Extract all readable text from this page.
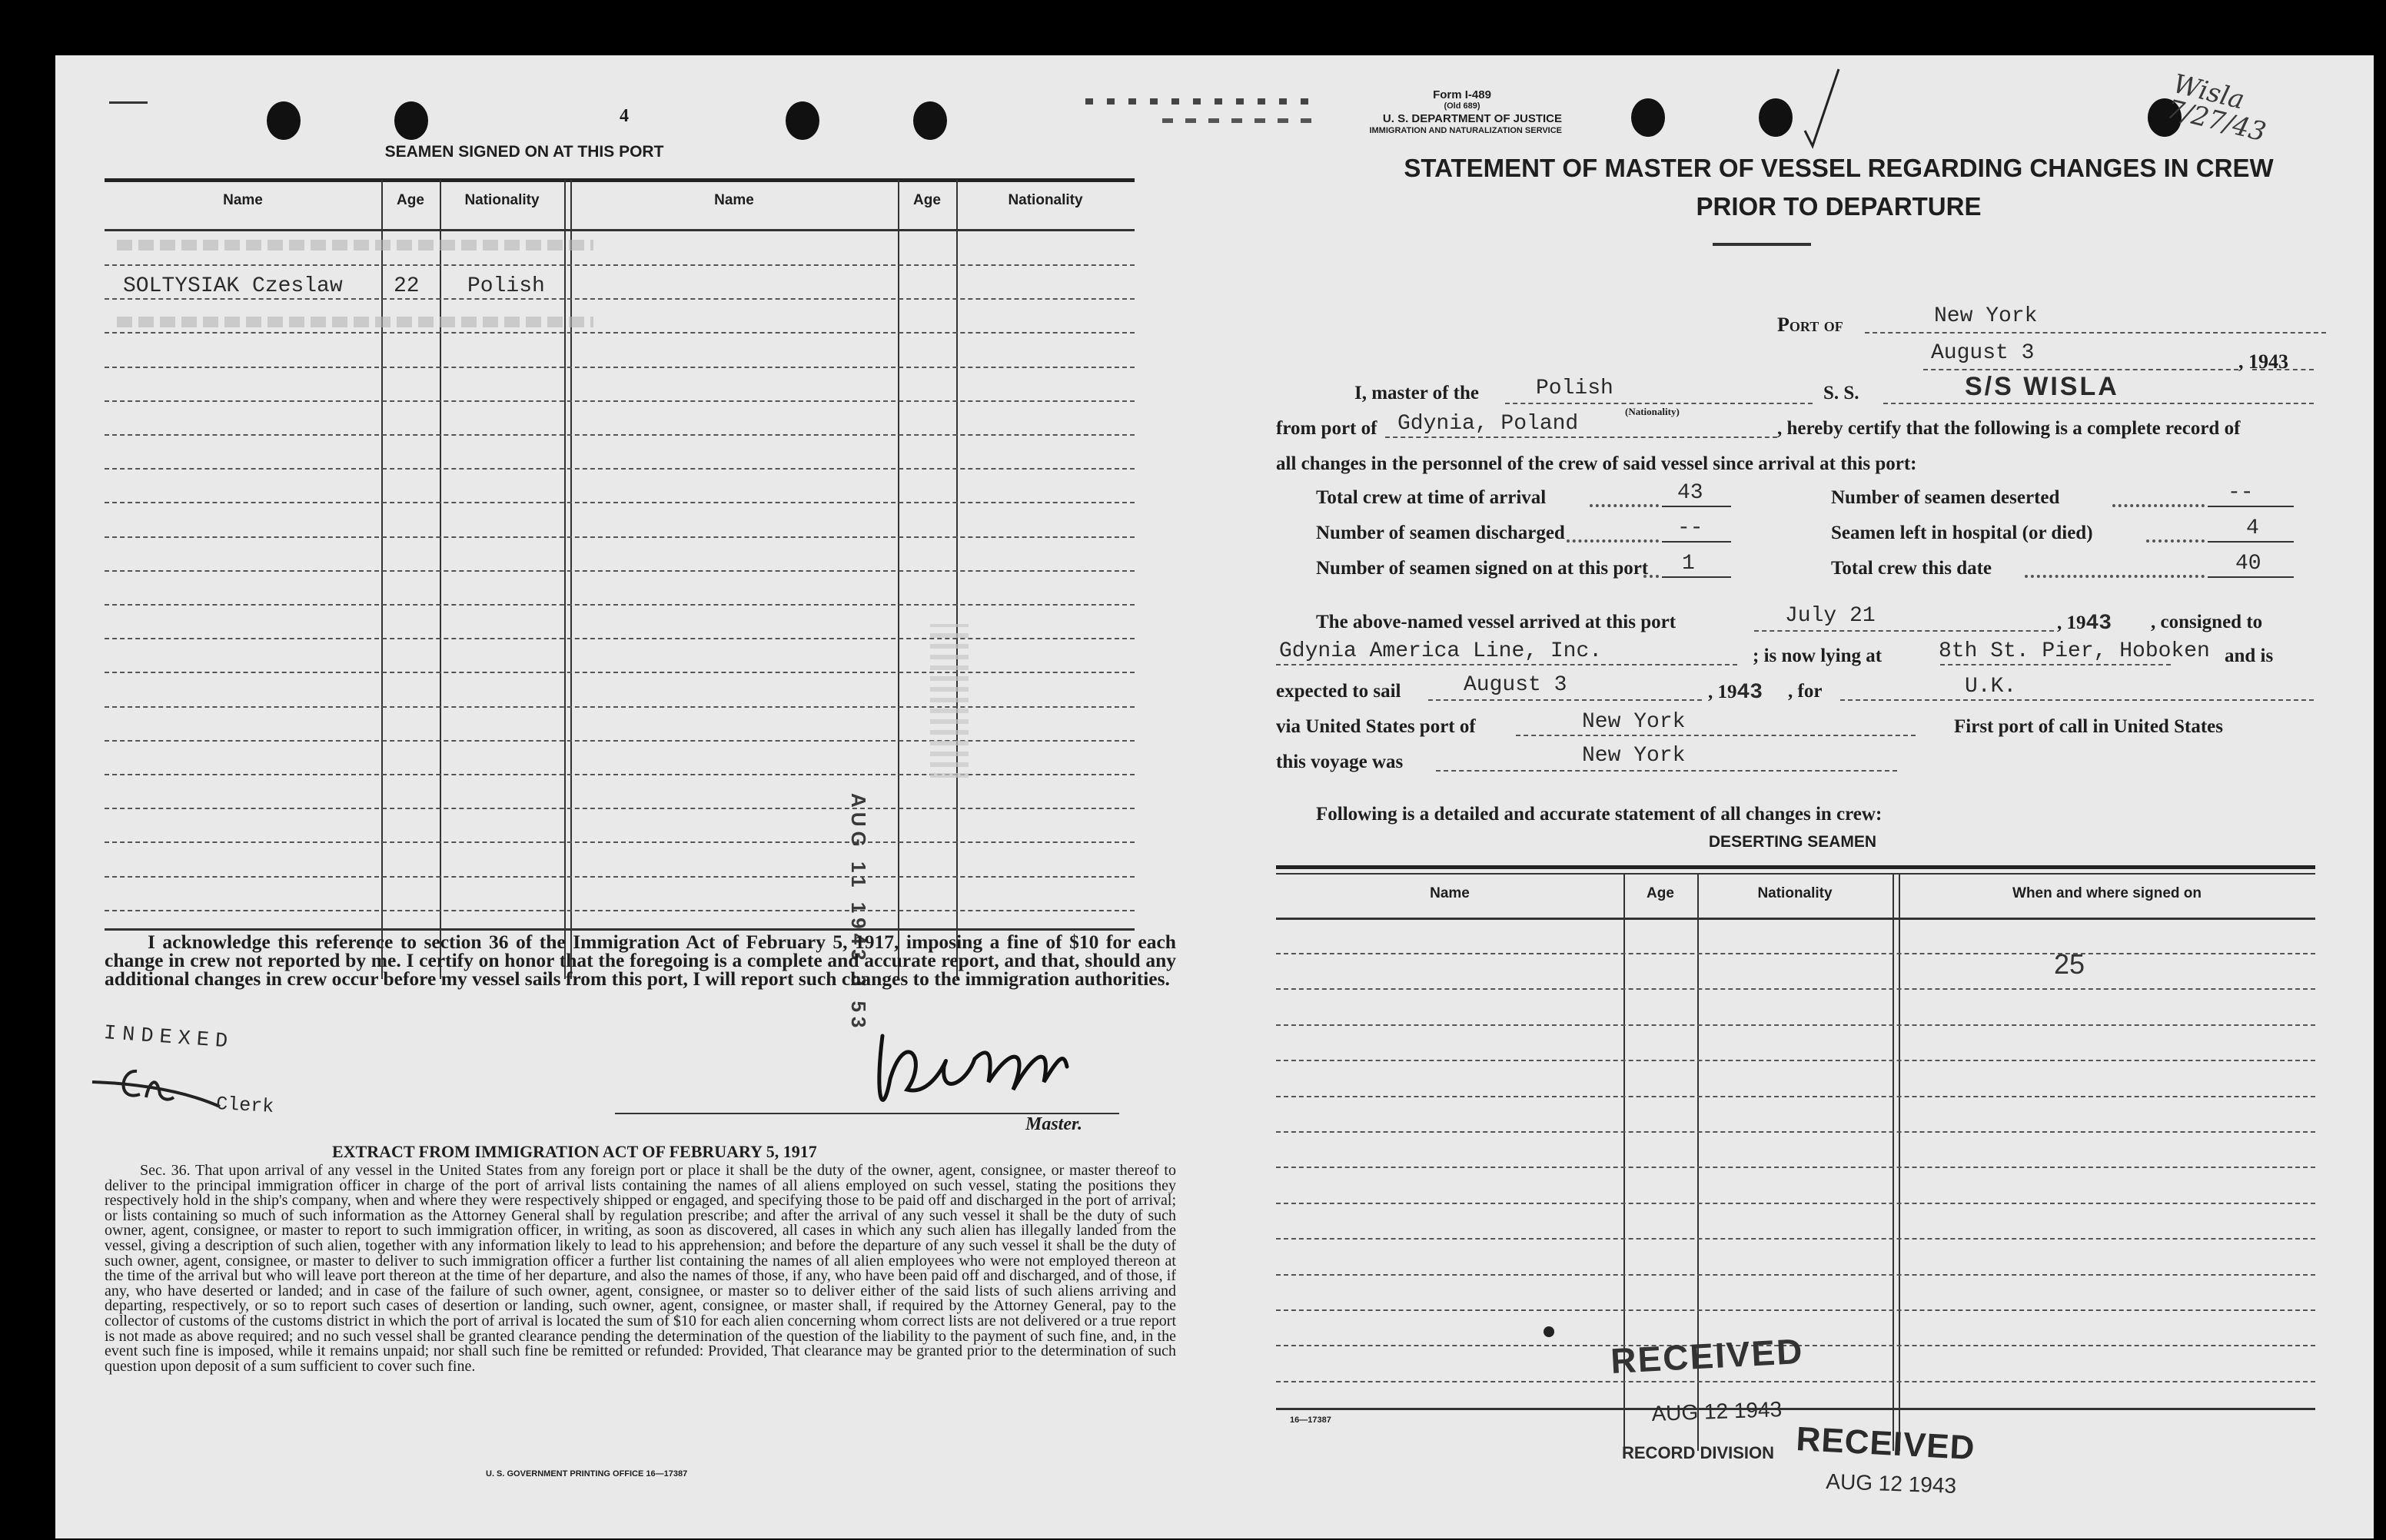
4
SEAMEN SIGNED ON AT THIS PORT
Name	Age	Nationality	Name	Age	Nationality
SOLTYSIAK Czeslaw 22 Polish
AUG 11 1943 3 53
I acknowledge this reference to section 36 of the Immigration Act of February 5, 1917, imposing a fine of $10 for each change in crew not reported by me. I certify on honor that the foregoing is a complete and accurate report, and that, should any additional changes in crew occur before my vessel sails from this port, I will report such changes to the immigration authorities.
INDEXED
Clerk
Master.
EXTRACT FROM IMMIGRATION ACT OF FEBRUARY 5, 1917
Sec. 36. That upon arrival of any vessel in the United States from any foreign port or place it shall be the duty of the owner, agent, consignee, or master thereof to deliver to the principal immigration officer in charge of the port of arrival lists containing the names of all aliens employed on such vessel, stating the positions they respectively hold in the ship's company, when and where they were respectively shipped or engaged, and specifying those to be paid off and discharged in the port of arrival; or lists containing so much of such information as the Attorney General shall by regulation prescribe; and after the arrival of any such vessel it shall be the duty of such owner, agent, consignee, or master to report to such immigration officer, in writing, as soon as discovered, all cases in which any such alien has illegally landed from the vessel, giving a description of such alien, together with any information likely to lead to his apprehension; and before the departure of any such vessel it shall be the duty of such owner, agent, consignee, or master to deliver to such immigration officer a further list containing the names of all alien employees who were not employed thereon at the time of the arrival but who will leave port thereon at the time of her departure, and also the names of those, if any, who have been paid off and discharged, and of those, if any, who have deserted or landed; and in case of the failure of such owner, agent, consignee, or master so to deliver either of the said lists of such aliens arriving and departing, respectively, or so to report such cases of desertion or landing, such owner, agent, consignee, or master shall, if required by the Attorney General, pay to the collector of customs of the customs district in which the port of arrival is located the sum of $10 for each alien concerning whom correct lists are not delivered or a true report is not made as above required; and no such vessel shall be granted clearance pending the determination of the question of the liability to the payment of such fine, and, in the event such fine is imposed, while it remains unpaid; nor shall such fine be remitted or refunded: Provided, That clearance may be granted prior to the determination of such question upon deposit of a sum sufficient to cover such fine.
U. S. GOVERNMENT PRINTING OFFICE 16—17387
Form I-489
(Old 689)
U. S. DEPARTMENT OF JUSTICE
IMMIGRATION AND NATURALIZATION SERVICE
Wisla 7/27/43
STATEMENT OF MASTER OF VESSEL REGARDING CHANGES IN CREW
PRIOR TO DEPARTURE
Port of	New York
August 3	, 1943
I, master of the	Polish
(Nationality)
S. S.	S/S WISLA
from port of Gdynia, Poland	, hereby certify that the following is a complete record of
all changes in the personnel of the crew of said vessel since arrival at this port:
Total crew at time of arrival	43	Number of seamen deserted	--
Number of seamen discharged	--	Seamen left in hospital (or died)	4
Number of seamen signed on at this port 1	Total crew this date	40
The above-named vessel arrived at this port	July 21	, 1943 , consigned to
Gdynia America Line, Inc.	; is now lying at	8th St. Pier, Hoboken and is
expected to sail	August 3	, 1943 , for	U.K.
via United States port of	New York	First port of call in United States
this voyage was	New York
Following is a detailed and accurate statement of all changes in crew:
DESERTING SEAMEN
Name	Age	Nationality	When and where signed on
25
16—17387
RECEIVED
AUG 12 1943
RECORD DIVISION RECEIVED
AUG 12 1943
